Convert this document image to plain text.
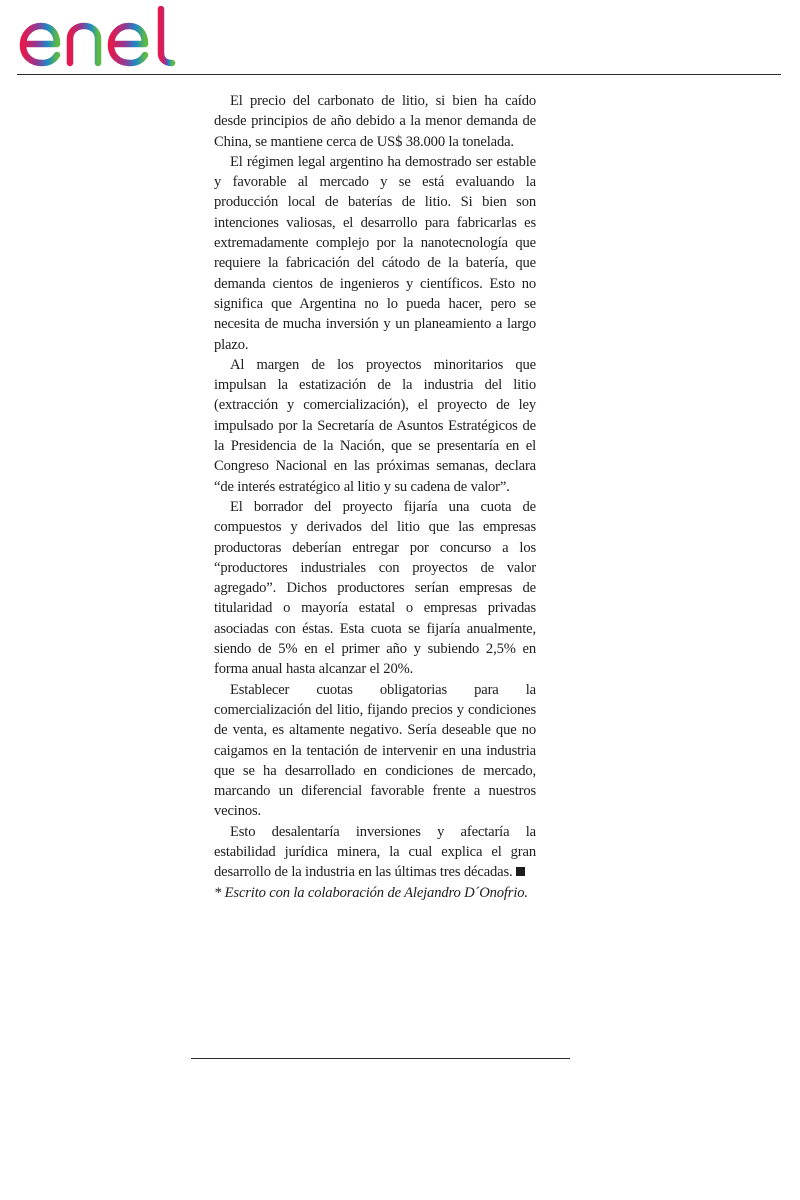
El precio del carbonato de litio, si bien ha caído desde principios de año debido a la menor demanda de China, se mantiene cerca de US$ 38.000 la tonelada.

El régimen legal argentino ha demostrado ser estable y favorable al mercado y se está evaluando la producción local de baterías de litio. Si bien son intenciones valiosas, el desarrollo para fabricarlas es extremadamente complejo por la nanotecnología que requiere la fabricación del cátodo de la batería, que demanda cientos de ingenieros y científicos. Esto no significa que Argentina no lo pueda hacer, pero se necesita de mucha inversión y un planeamiento a largo plazo.

Al margen de los proyectos minoritarios que impulsan la estatización de la industria del litio (extracción y comercialización), el proyecto de ley impulsado por la Secretaría de Asuntos Estratégicos de la Presidencia de la Nación, que se presentaría en el Congreso Nacional en las próximas semanas, declara “de interés estratégico al litio y su cadena de valor”.

El borrador del proyecto fijaría una cuota de compuestos y derivados del litio que las empresas productoras deberían entregar por concurso a los “productores industriales con proyectos de valor agregado”. Dichos productores serían empresas de titularidad o mayoría estatal o empresas privadas asociadas con éstas. Esta cuota se fijaría anualmente, siendo de 5% en el primer año y subiendo 2,5% en forma anual hasta alcanzar el 20%.

Establecer cuotas obligatorias para la comercialización del litio, fijando precios y condiciones de venta, es altamente negativo. Sería deseable que no caigamos en la tentación de intervenir en una industria que se ha desarrollado en condiciones de mercado, marcando un diferencial favorable frente a nuestros vecinos.

Esto desalentaría inversiones y afectaría la estabilidad jurídica minera, la cual explica el gran desarrollo de la industria en las últimas tres décadas.

* Escrito con la colaboración de Alejandro D´Onofrio.
